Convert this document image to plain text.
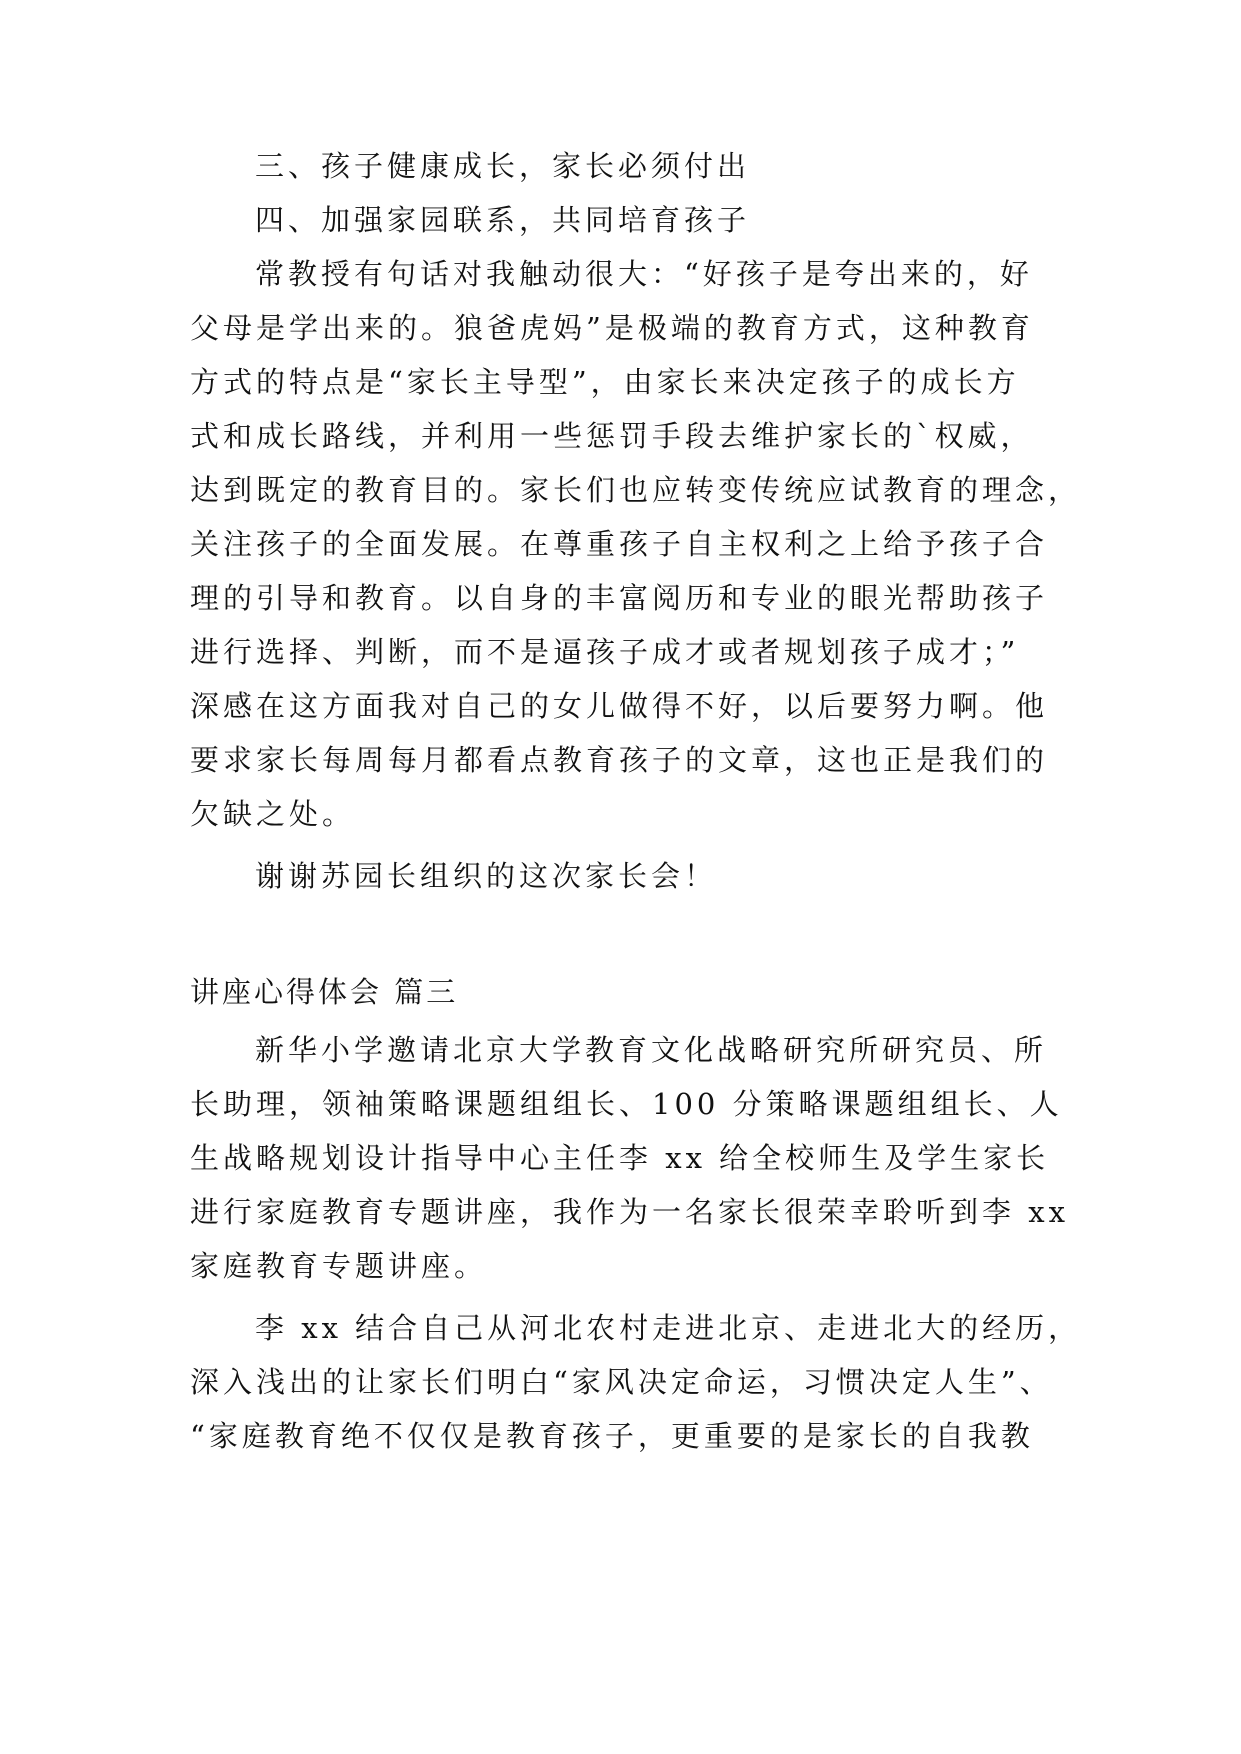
三、孩子健康成长，家长必须付出
四、加强家园联系，共同培育孩子
常教授有句话对我触动很大：“好孩子是夸出来的，好
父母是学出来的。狼爸虎妈”是极端的教育方式，这种教育
方式的特点是“家长主导型”，由家长来决定孩子的成长方
式和成长路线，并利用一些惩罚手段去维护家长的`权威，
达到既定的教育目的。家长们也应转变传统应试教育的理念，
关注孩子的全面发展。在尊重孩子自主权利之上给予孩子合
理的引导和教育。以自身的丰富阅历和专业的眼光帮助孩子
进行选择、判断，而不是逼孩子成才或者规划孩子成才；”
深感在这方面我对自己的女儿做得不好，以后要努力啊。他
要求家长每周每月都看点教育孩子的文章，这也正是我们的
欠缺之处。
谢谢苏园长组织的这次家长会！
讲座心得体会 篇三
新华小学邀请北京大学教育文化战略研究所研究员、所
长助理，领袖策略课题组组长、100 分策略课题组组长、人
生战略规划设计指导中心主任李 xx 给全校师生及学生家长
进行家庭教育专题讲座，我作为一名家长很荣幸聆听到李 xx
家庭教育专题讲座。
李 xx 结合自己从河北农村走进北京、走进北大的经历，
深入浅出的让家长们明白“家风决定命运，习惯决定人生”、
“家庭教育绝不仅仅是教育孩子，更重要的是家长的自我教
